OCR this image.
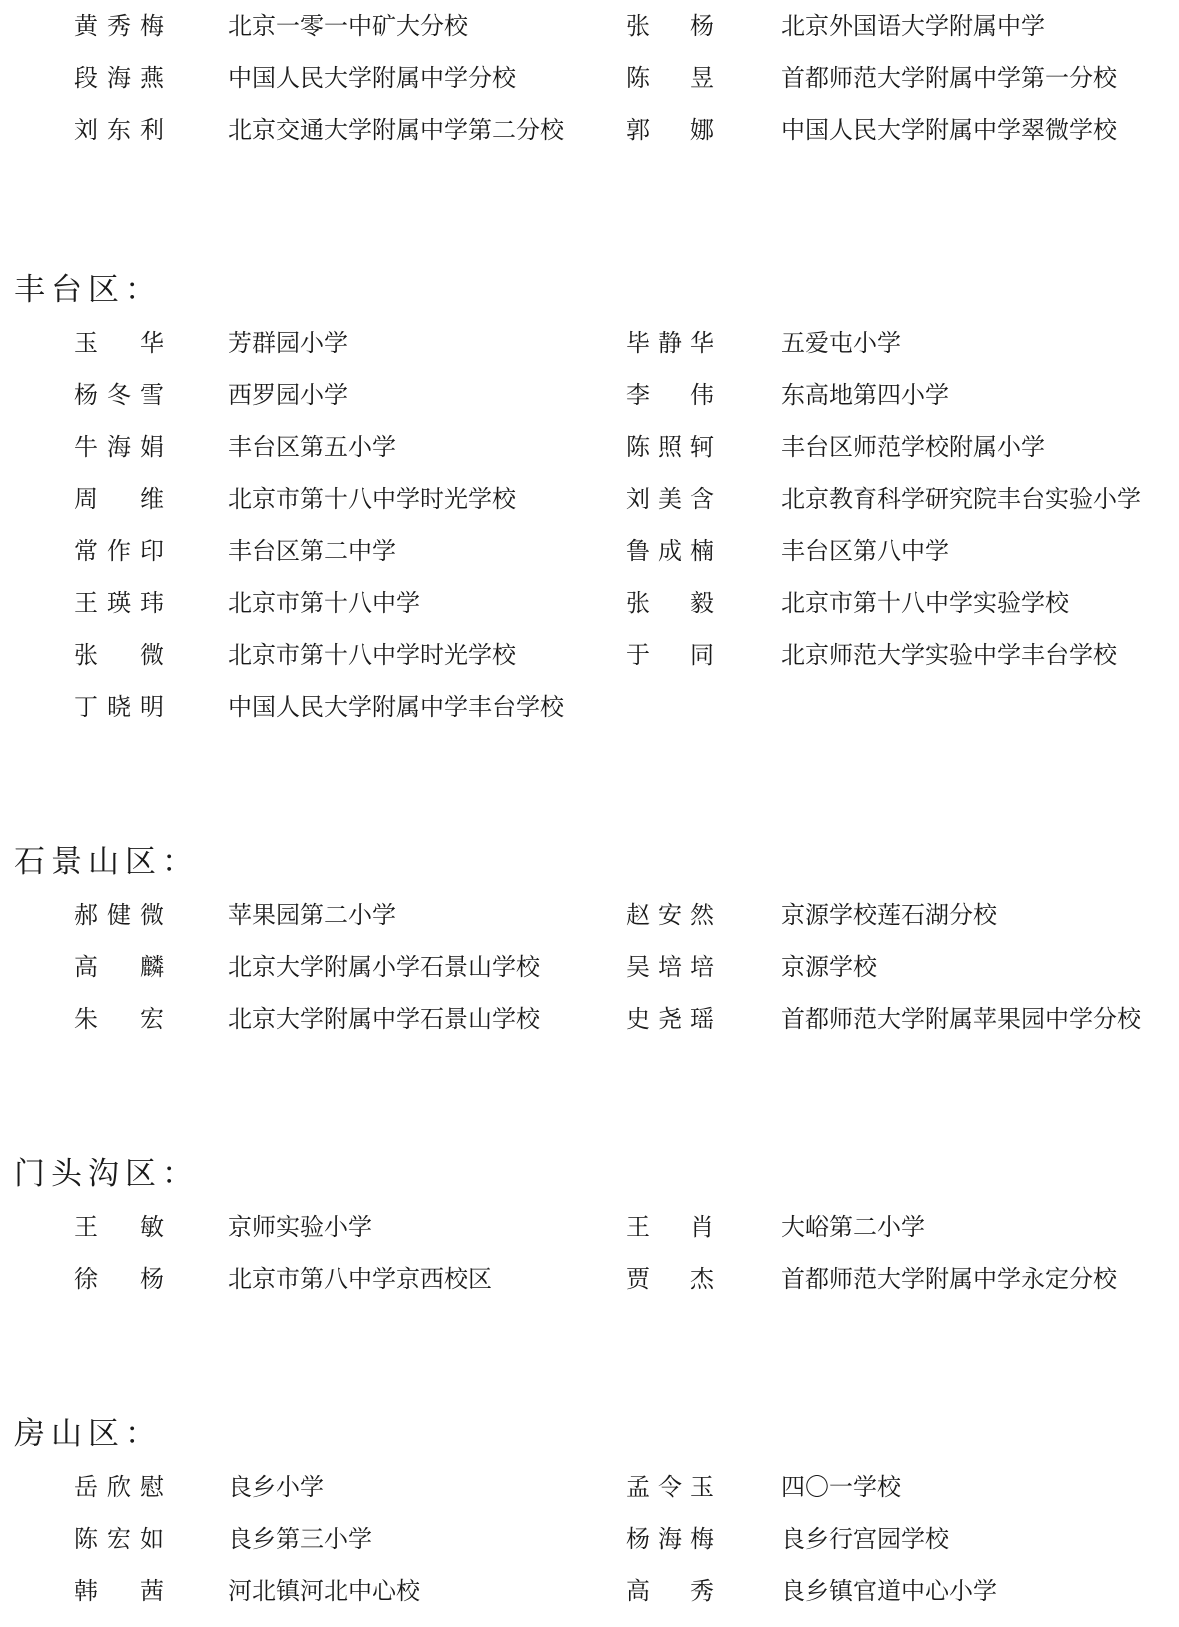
黄秀梅	北京一零一中矿大分校	张 杨	北京外国语大学附属中学
段海燕	中国人民大学附属中学分校	陈 昱	首都师范大学附属中学第一分校
刘东利	北京交通大学附属中学第二分校	郭 娜	中国人民大学附属中学翠微学校
丰台区：
玉 华	芳群园小学	毕静华	五爱屯小学
杨冬雪	西罗园小学	李 伟	东高地第四小学
牛海娟	丰台区第五小学	陈照轲	丰台区师范学校附属小学
周 维	北京市第十八中学时光学校	刘美含	北京教育科学研究院丰台实验小学
常作印	丰台区第二中学	鲁成楠	丰台区第八中学
王瑛玮	北京市第十八中学	张 毅	北京市第十八中学实验学校
张 微	北京市第十八中学时光学校	于 同	北京师范大学实验中学丰台学校
丁晓明	中国人民大学附属中学丰台学校
石景山区：
郝健微	苹果园第二小学	赵安然	京源学校莲石湖分校
高 麟	北京大学附属小学石景山学校	吴培培	京源学校
朱 宏	北京大学附属中学石景山学校	史尧瑶	首都师范大学附属苹果园中学分校
门头沟区：
王 敏	京师实验小学	王 肖	大峪第二小学
徐 杨	北京市第八中学京西校区	贾 杰	首都师范大学附属中学永定分校
房山区：
岳欣慰	良乡小学	孟令玉	四〇一学校
陈宏如	良乡第三小学	杨海梅	良乡行宫园学校
韩 茜	河北镇河北中心校	高 秀	良乡镇官道中心小学
